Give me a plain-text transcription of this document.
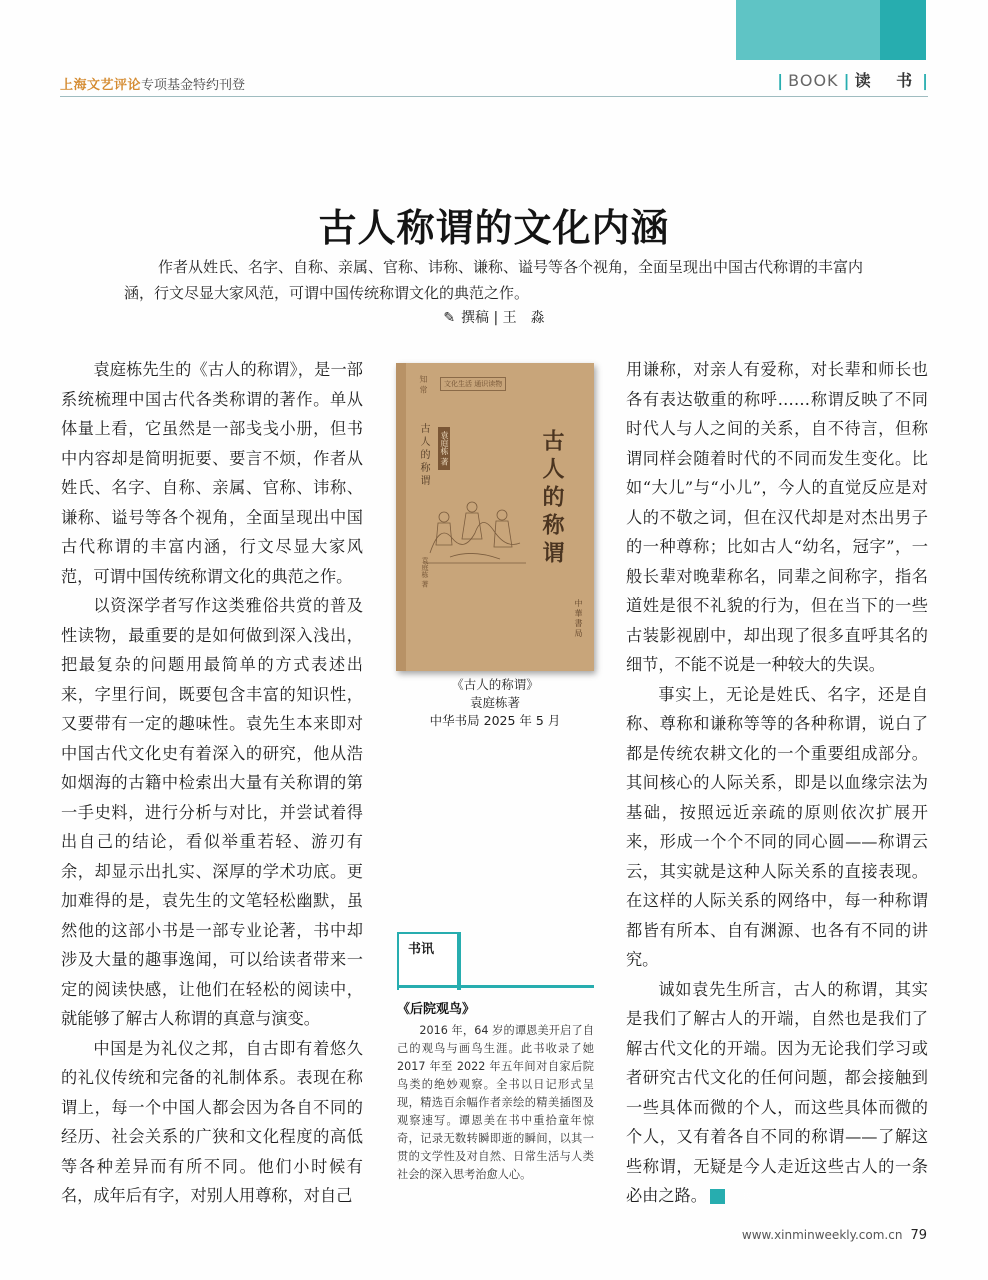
上海文艺评论专项基金特约刊登	| BOOK | 读 书|
古人称谓的文化内涵
作者从姓氏、名字、自称、亲属、官称、讳称、谦称、谥号等各个视角，全面呈现出中国古代称谓的丰富内涵，行文尽显大家风范，可谓中国传统称谓文化的典范之作。
✎ 撰稿 | 王　淼

袁庭栋先生的《古人的称谓》，是一部系统梳理中国古代各类称谓的著作。单从体量上看，它虽然是一部戋戋小册，但书中内容却是简明扼要、要言不烦，作者从姓氏、名字、自称、亲属、官称、讳称、谦称、谥号等各个视角，全面呈现出中国古代称谓的丰富内涵，行文尽显大家风范，可谓中国传统称谓文化的典范之作。

以资深学者写作这类雅俗共赏的普及性读物，最重要的是如何做到深入浅出，把最复杂的问题用最简单的方式表述出来，字里行间，既要包含丰富的知识性，又要带有一定的趣味性。袁先生本来即对中国古代文化史有着深入的研究，他从浩如烟海的古籍中检索出大量有关称谓的第一手史料，进行分析与对比，并尝试着得出自己的结论，看似举重若轻、游刃有余，却显示出扎实、深厚的学术功底。更加难得的是，袁先生的文笔轻松幽默，虽然他的这部小书是一部专业论著，书中却涉及大量的趣事逸闻，可以给读者带来一定的阅读快感，让他们在轻松的阅读中，就能够了解古人称谓的真意与演变。

中国是为礼仪之邦，自古即有着悠久的礼仪传统和完备的礼制体系。表现在称谓上，每一个中国人都会因为各自不同的经历、社会关系的广狭和文化程度的高低等各种差异而有所不同。他们小时候有名，成年后有字，对别人用尊称，对自己

知 常	文化生活 通识读物
古人的称谓 袁庭栋 著	古人的称谓
袁庭栋 著
中華書局
《古人的称谓》
袁庭栋著
中华书局 2025 年 5 月
书讯
《后院观鸟》
2016 年，64 岁的谭恩美开启了自己的观鸟与画鸟生涯。此书收录了她 2017 年至 2022 年五年间对自家后院鸟类的绝妙观察。全书以日记形式呈现，精选百余幅作者亲绘的精美插图及观察速写。谭恩美在书中重拾童年惊奇，记录无数转瞬即逝的瞬间，以其一贯的文学性及对自然、日常生活与人类社会的深入思考治愈人心。

用谦称，对亲人有爱称，对长辈和师长也各有表达敬重的称呼……称谓反映了不同时代人与人之间的关系，自不待言，但称谓同样会随着时代的不同而发生变化。比如“大儿”与“小儿”，今人的直觉反应是对人的不敬之词，但在汉代却是对杰出男子的一种尊称；比如古人“幼名，冠字”，一般长辈对晚辈称名，同辈之间称字，指名道姓是很不礼貌的行为，但在当下的一些古装影视剧中，却出现了很多直呼其名的细节，不能不说是一种较大的失误。

事实上，无论是姓氏、名字，还是自称、尊称和谦称等等的各种称谓，说白了都是传统农耕文化的一个重要组成部分。其间核心的人际关系，即是以血缘宗法为基础，按照远近亲疏的原则依次扩展开来，形成一个个不同的同心圆——称谓云云，其实就是这种人际关系的直接表现。在这样的人际关系的网络中，每一种称谓都皆有所本、自有渊源、也各有不同的讲究。

诚如袁先生所言，古人的称谓，其实是我们了解古人的开端，自然也是我们了解古代文化的开端。因为无论我们学习或者研究古代文化的任何问题，都会接触到一些具体而微的个人，而这些具体而微的个人，又有着各自不同的称谓——了解这些称谓，无疑是今人走近这些古人的一条必由之路。	民

www.xinminweekly.com.cn 79
